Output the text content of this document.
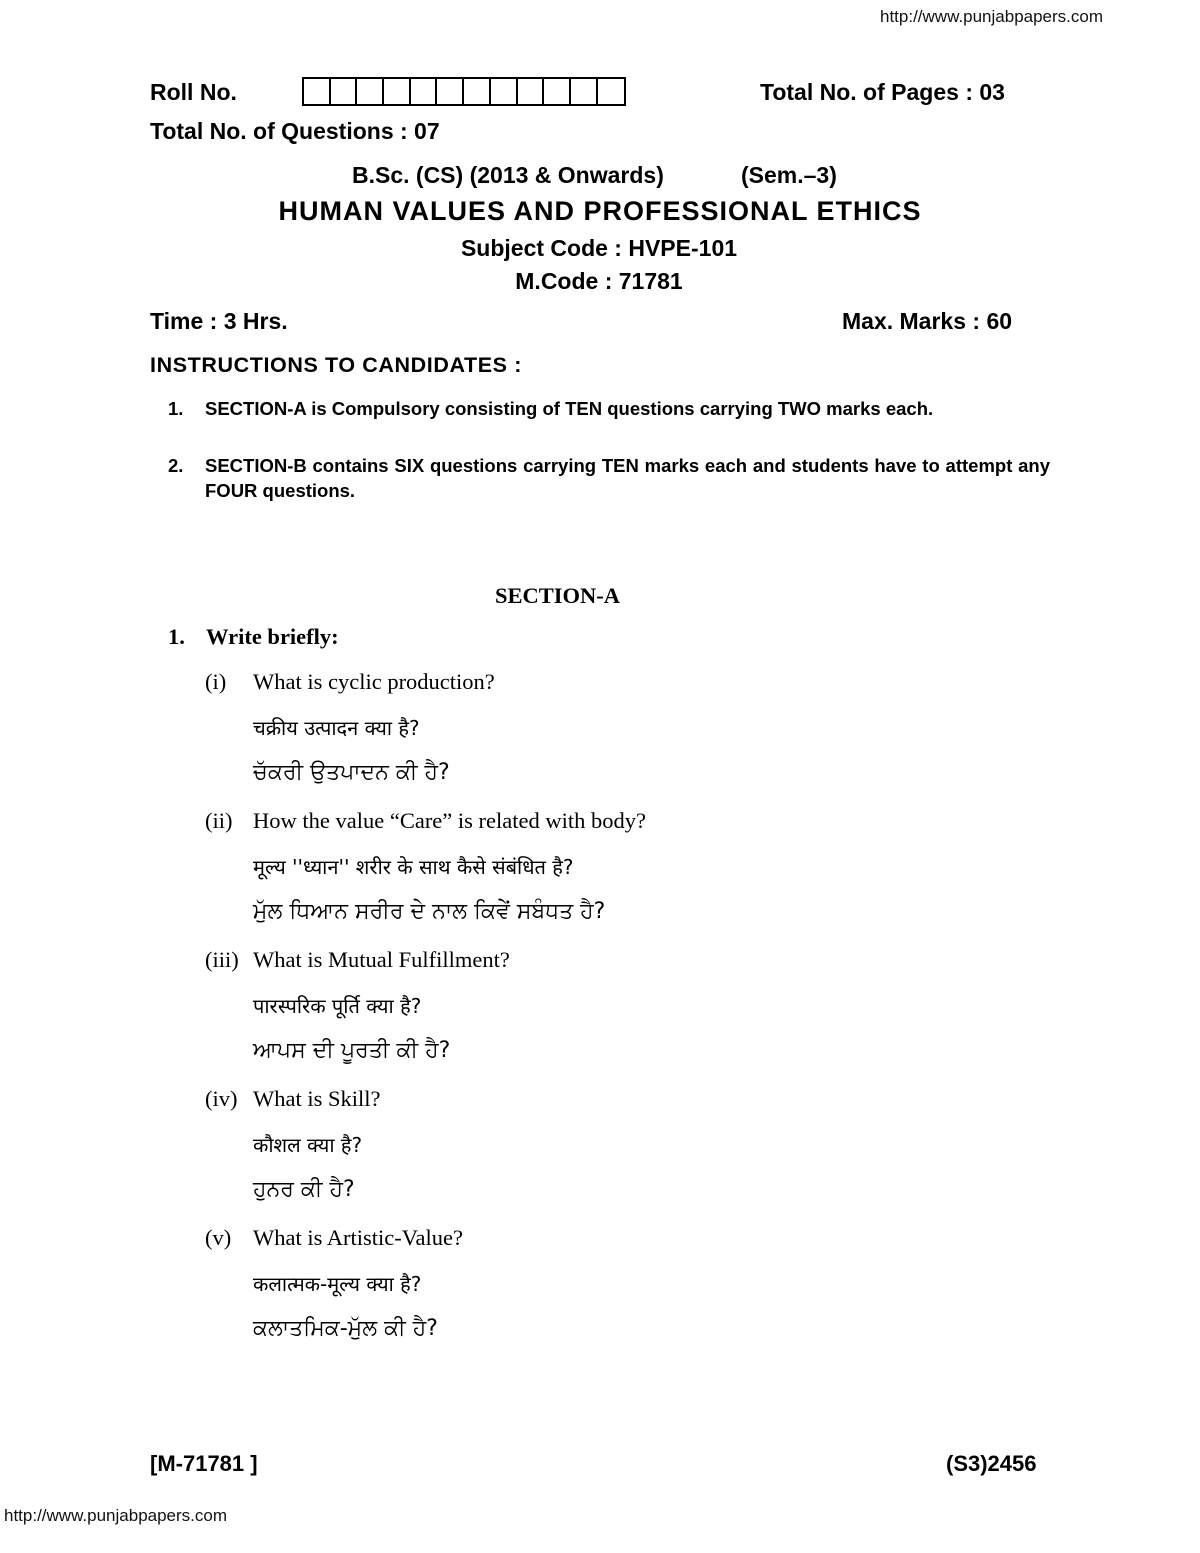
http://www.punjabpapers.com
Roll No.	Total No. of Pages : 03
Total No. of Questions : 07
B.Sc. (CS) (2013 & Onwards)	(Sem.–3)
HUMAN VALUES AND PROFESSIONAL ETHICS
Subject Code : HVPE-101
M.Code : 71781
Time : 3 Hrs.	Max. Marks : 60
INSTRUCTIONS TO CANDIDATES :
1. SECTION-A is Compulsory consisting of TEN questions carrying TWO marks each.
2. SECTION-B contains SIX questions carrying TEN marks each and students have to attempt any FOUR questions.
SECTION-A
1. Write briefly:
(i) What is cyclic production?
चक्रीय उत्पादन क्या है?
ਚੱਕਰੀ ਉਤਪਾਦਨ ਕੀ ਹੈ?
(ii) How the value “Care” is related with body?
मूल्य ''ध्यान'' शरीर के साथ कैसे संबंधित है?
ਮੁੱਲ ਧਿਆਨ ਸਰੀਰ ਦੇ ਨਾਲ ਕਿਵੇਂ ਸਬੰਧਤ ਹੈ?
(iii) What is Mutual Fulfillment?
पारस्परिक पूर्ति क्या है?
ਆਪਸ ਦੀ ਪੂਰਤੀ ਕੀ ਹੈ?
(iv) What is Skill?
कौशल क्या है?
ਹੁਨਰ ਕੀ ਹੈ?
(v) What is Artistic-Value?
कलात्मक-मूल्य क्या है?
ਕਲਾਤਮਿਕ-ਮੁੱਲ ਕੀ ਹੈ?
[M-71781 ]	(S3)2456
http://www.punjabpapers.com
